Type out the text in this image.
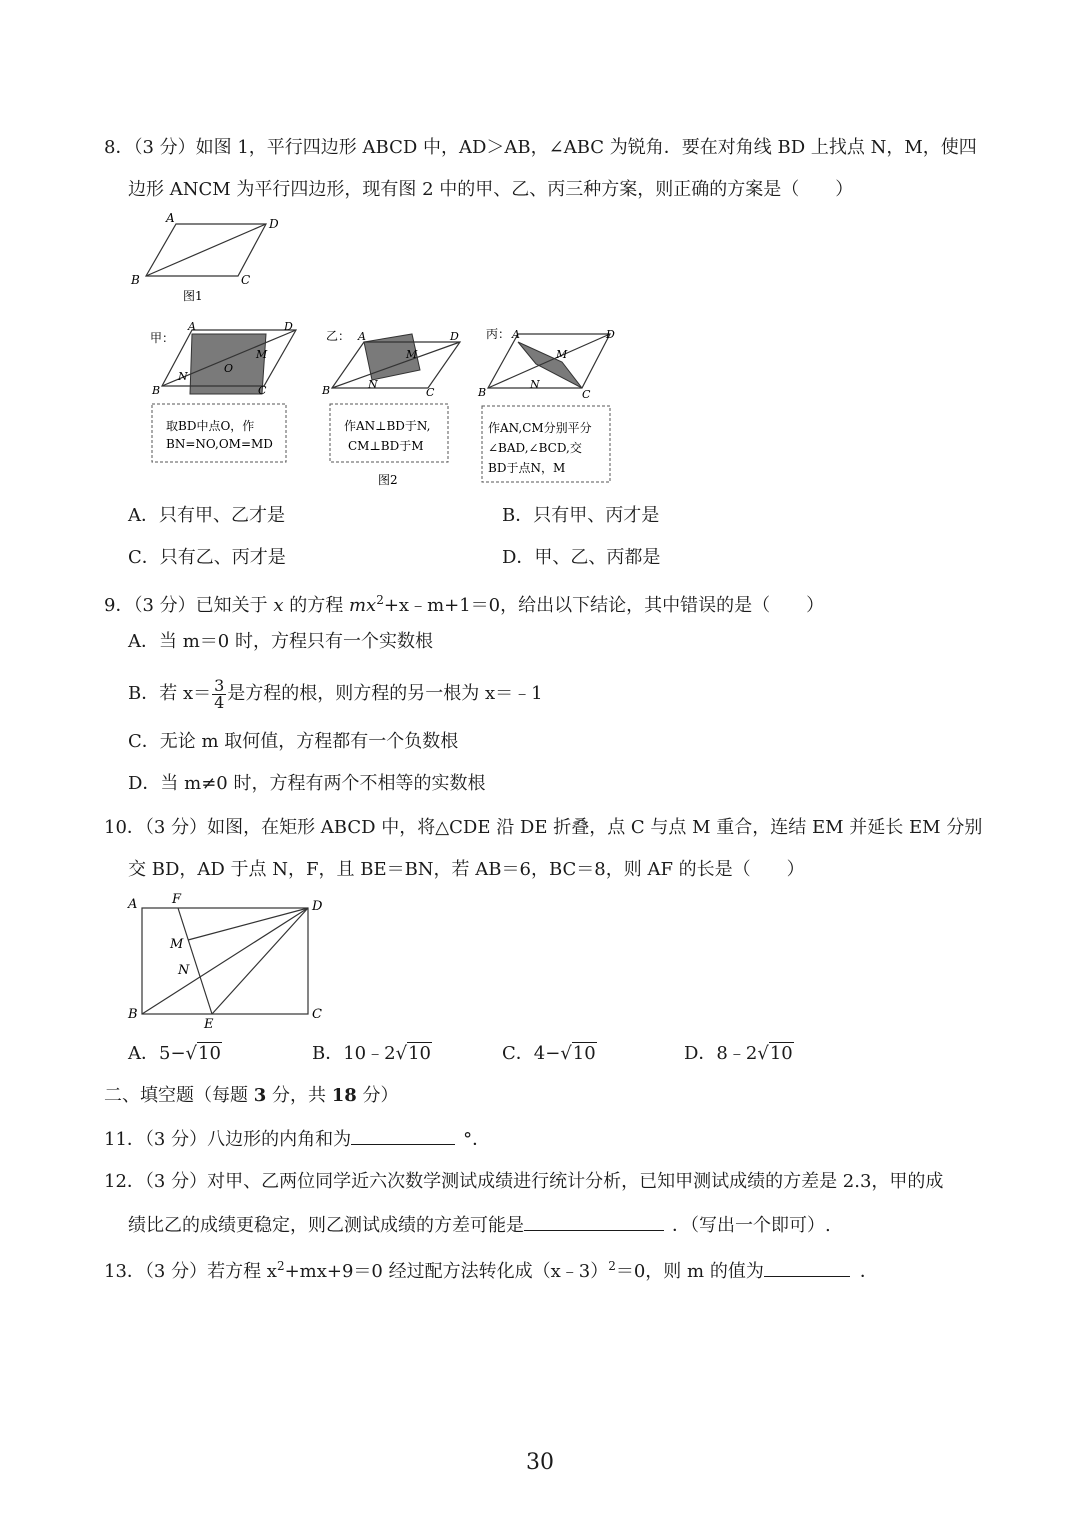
8．（3 分）如图 1，平行四边形 ABCD 中，AD＞AB，∠ABC 为锐角．要在对角线 BD 上找点 N，M，使四
边形 ANCM 为平行四边形，现有图 2 中的甲、乙、丙三种方案，则正确的方案是（　　）
A	D
B	C
图1
甲：
A	D
M
O
N
B	C
取BD中点O，作
BN=NO,OM=MD
乙： A	D
M
N
B	C
作AN⊥BD于N,
CM⊥BD于M
图2
丙： A	D
M
N
B	C
作AN,CM分别平分
∠BAD,∠BCD,交
BD于点N，M
A．只有甲、乙才是	B．只有甲、丙才是
C．只有乙、丙才是	D．甲、乙、丙都是
9．（3 分）已知关于 x 的方程 $mx^2+x﹣m+1=0$，给出以下结论，其中错误的是（　　）
A．当 m＝0 时，方程只有一个实数根
B．若 $x= \frac{3}{4}$ 是方程的根，则方程的另一根为 x＝﹣1
C．无论 m 取何值，方程都有一个负数根
D．当 m≠0 时，方程有两个不相等的实数根
10．（3 分）如图，在矩形 ABCD 中，将△CDE 沿 DE 折叠，点 C 与点 M 重合，连结 EM 并延长 EM 分别
交 BD，AD 于点 N，F，且 BE＝BN，若 AB＝6，BC＝8，则 AF 的长是（　　）
A	F	D
M
N
B
E
C
A．5−√10	B．10﹣2√10	C．4−√10	D．8﹣2√10
二、填空题（每题 3 分，共 18 分）
11．（3 分）八边形的内角和为	°．
12．（3 分）对甲、乙两位同学近六次数学测试成绩进行统计分析，已知甲测试成绩的方差是 2.3，甲的成
绩比乙的成绩更稳定，则乙测试成绩的方差可能是	．（写出一个即可）.
13．（3 分）若方程 $x^2+mx+9=0$ 经过配方法转化成（x﹣3）$^2$＝0，则 m 的值为	．
30
